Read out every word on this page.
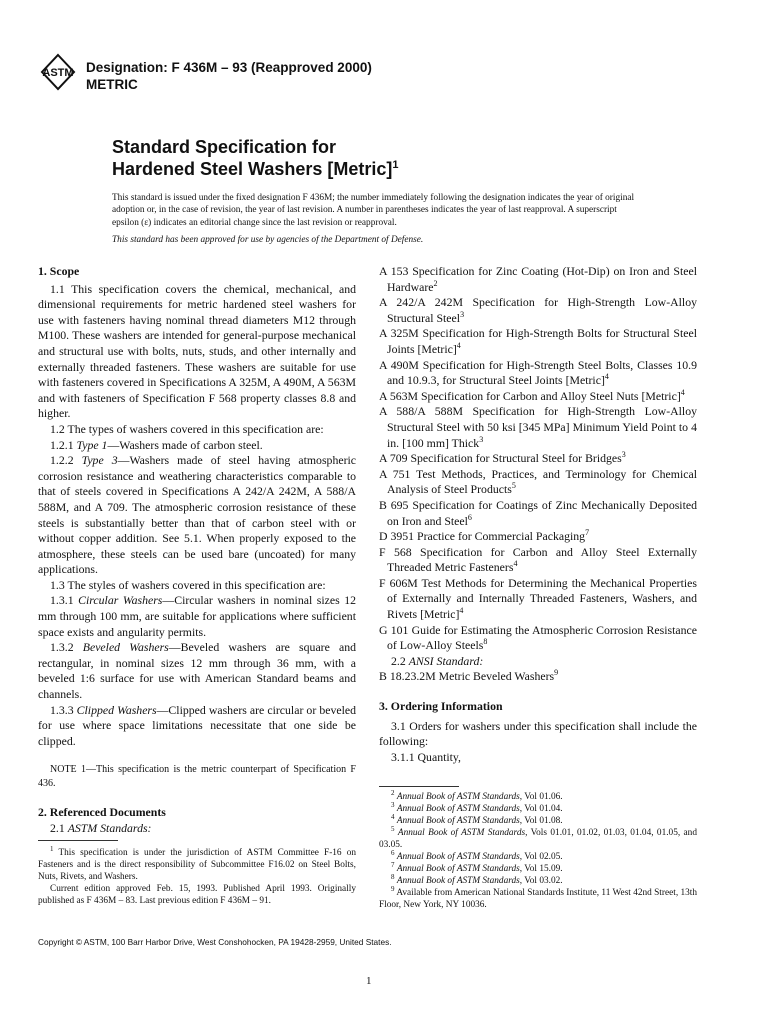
ASTM Designation: F 436M – 93 (Reapproved 2000)
METRIC
Standard Specification for
Hardened Steel Washers [Metric]$^1$
This standard is issued under the fixed designation F 436M; the number immediately following the designation indicates the year of original adoption or, in the case of revision, the year of last revision. A number in parentheses indicates the year of last reapproval. A superscript epsilon (ε) indicates an editorial change since the last revision or reapproval.
This standard has been approved for use by agencies of the Department of Defense.

1. Scope

1.1 This specification covers the chemical, mechanical, and dimensional requirements for metric hardened steel washers for use with fasteners having nominal thread diameters M12 through M100. These washers are intended for general-purpose mechanical and structural use with bolts, nuts, studs, and other internally and externally threaded fasteners. These washers are suitable for use with fasteners covered in Specifications A 325M, A 490M, A 563M and with fasteners of Specification F 568 property classes 8.8 and higher.

1.2 The types of washers covered in this specification are:

1.2.1 Type 1—Washers made of carbon steel.

1.2.2 Type 3—Washers made of steel having atmospheric corrosion resistance and weathering characteristics comparable to that of steels covered in Specifications A 242/A 242M, A 588/A 588M, and A 709. The atmospheric corrosion resistance of these steels is substantially better than that of carbon steel with or without copper addition. See 5.1. When properly exposed to the atmosphere, these steels can be used bare (uncoated) for many applications.

1.3 The styles of washers covered in this specification are:

1.3.1 Circular Washers—Circular washers in nominal sizes 12 mm through 100 mm, are suitable for applications where sufficient space exists and angularity permits.

1.3.2 Beveled Washers—Beveled washers are square and rectangular, in nominal sizes 12 mm through 36 mm, with a beveled 1:6 surface for use with American Standard beams and channels.

1.3.3 Clipped Washers—Clipped washers are circular or beveled for use where space limitations necessitate that one side be clipped.

NOTE 1—This specification is the metric counterpart of Specification F 436.

2. Referenced Documents

2.1 ASTM Standards:

$^1$ This specification is under the jurisdiction of ASTM Committee F-16 on Fasteners and is the direct responsibility of Subcommittee F16.02 on Steel Bolts, Nuts, Rivets, and Washers.

Current edition approved Feb. 15, 1993. Published April 1993. Originally published as F 436M – 83. Last previous edition F 436M – 91.

A 153 Specification for Zinc Coating (Hot-Dip) on Iron and Steel Hardware$^2$

A 242/A 242M Specification for High-Strength Low-Alloy Structural Steel$^3$

A 325M Specification for High-Strength Bolts for Structural Steel Joints [Metric]$^4$

A 490M Specification for High-Strength Steel Bolts, Classes 10.9 and 10.9.3, for Structural Steel Joints [Metric]$^4$

A 563M Specification for Carbon and Alloy Steel Nuts [Metric]$^4$

A 588/A 588M Specification for High-Strength Low-Alloy Structural Steel with 50 ksi [345 MPa] Minimum Yield Point to 4 in. [100 mm] Thick$^3$

A 709 Specification for Structural Steel for Bridges$^3$

A 751 Test Methods, Practices, and Terminology for Chemical Analysis of Steel Products$^5$

B 695 Specification for Coatings of Zinc Mechanically Deposited on Iron and Steel$^6$

D 3951 Practice for Commercial Packaging$^7$

F 568 Specification for Carbon and Alloy Steel Externally Threaded Metric Fasteners$^4$

F 606M Test Methods for Determining the Mechanical Properties of Externally and Internally Threaded Fasteners, Washers, and Rivets [Metric]$^4$

G 101 Guide for Estimating the Atmospheric Corrosion Resistance of Low-Alloy Steels$^8$

2.2 ANSI Standard:

B 18.23.2M Metric Beveled Washers$^9$

3. Ordering Information

3.1 Orders for washers under this specification shall include the following:

3.1.1 Quantity,

$^2$ Annual Book of ASTM Standards, Vol 01.06.

$^3$ Annual Book of ASTM Standards, Vol 01.04.

$^4$ Annual Book of ASTM Standards, Vol 01.08.

$^5$ Annual Book of ASTM Standards, Vols 01.01, 01.02, 01.03, 01.04, 01.05, and 03.05.

$^6$ Annual Book of ASTM Standards, Vol 02.05.

$^7$ Annual Book of ASTM Standards, Vol 15.09.

$^8$ Annual Book of ASTM Standards, Vol 03.02.

$^9$ Available from American National Standards Institute, 11 West 42nd Street, 13th Floor, New York, NY 10036.

Copyright © ASTM, 100 Barr Harbor Drive, West Conshohocken, PA 19428-2959, United States.
1
